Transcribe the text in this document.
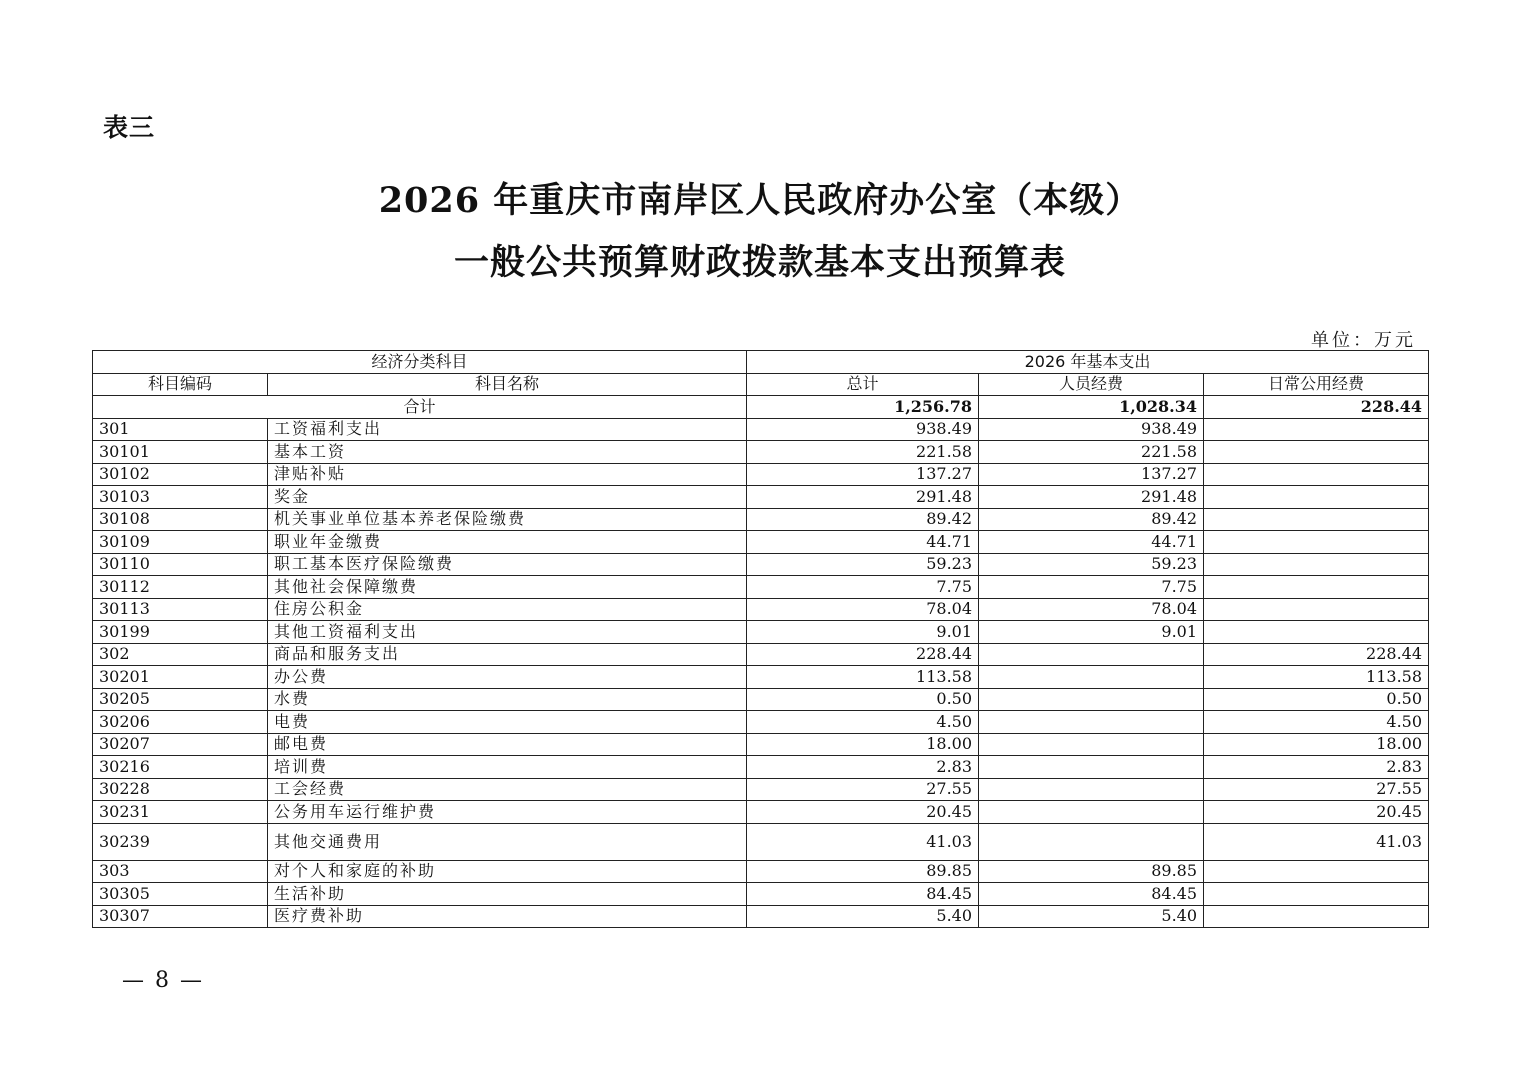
表三
2026 年重庆市南岸区人民政府办公室（本级）
一般公共预算财政拨款基本支出预算表
单位：万元
经济分类科目		2026 年基本支出		
科目编码	科目名称	总计	人员经费	日常公用经费
合计		1,256.78	1,028.34	228.44
301	工资福利支出	938.49	938.49	
30101	基本工资	221.58	221.58	
30102	津贴补贴	137.27	137.27	
30103	奖金	291.48	291.48	
30108	机关事业单位基本养老保险缴费	89.42	89.42	
30109	职业年金缴费	44.71	44.71	
30110	职工基本医疗保险缴费	59.23	59.23	
30112	其他社会保障缴费	7.75	7.75	
30113	住房公积金	78.04	78.04	
30199	其他工资福利支出	9.01	9.01	
302	商品和服务支出	228.44		228.44
30201	办公费	113.58		113.58
30205	水费	0.50		0.50
30206	电费	4.50		4.50
30207	邮电费	18.00		18.00
30216	培训费	2.83		2.83
30228	工会经费	27.55		27.55
30231	公务用车运行维护费	20.45		20.45
30239	其他交通费用	41.03		41.03
303	对个人和家庭的补助	89.85	89.85	
30305	生活补助	84.45	84.45	
30307	医疗费补助	5.40	5.40	
— 8 —
